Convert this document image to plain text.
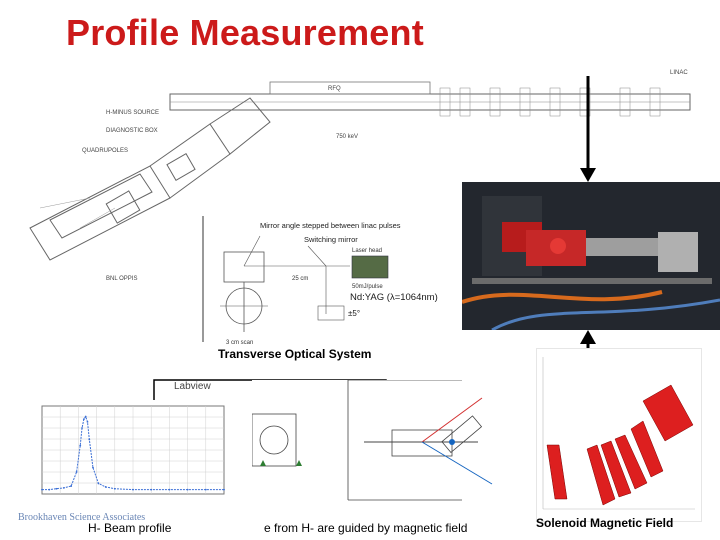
Profile Measurement
H-MINUS SOURCE
DIAGNOSTIC BOX
QUADRUPOLES
RFQ
LINAC
750 keV
BNL OPPIS
Mirror angle stepped between linac pulses
Switching mirror
25 cm
Laser head
50mJ/pulse
Nd:YAG (λ=1064nm)
±5°
3 cm scan
Transverse Optical System
Labview
H- Beam profile	e from H- are guided by magnetic field	Solenoid Magnetic Field
Brookhaven Science Associates
